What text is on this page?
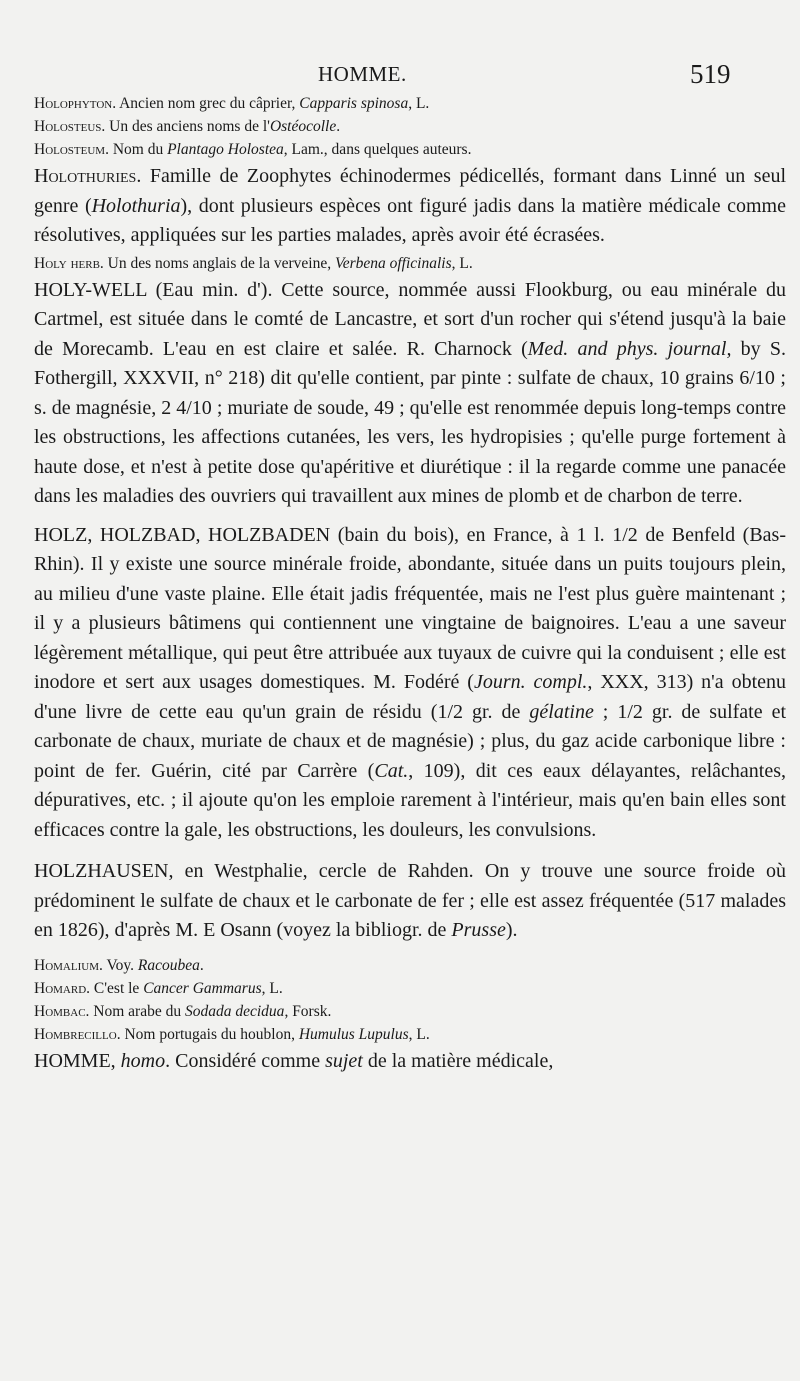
HOMME.	519

Holophyton. Ancien nom grec du câprier, Capparis spinosa, L.

Holosteus. Un des anciens noms de l'Ostéocolle.

Holosteum. Nom du Plantago Holostea, Lam., dans quelques auteurs.

Holothuries. Famille de Zoophytes échinodermes pédicellés, formant dans Linné un seul genre (Holothuria), dont plusieurs espèces ont figuré jadis dans la matière médicale comme résolutives, appliquées sur les parties malades, après avoir été écrasées.

Holy herb. Un des noms anglais de la verveine, Verbena officinalis, L.

HOLY-WELL (Eau min. d'). Cette source, nommée aussi Flookburg, ou eau minérale du Cartmel, est située dans le comté de Lancastre, et sort d'un rocher qui s'étend jusqu'à la baie de Morecamb. L'eau en est claire et salée. R. Charnock (Med. and phys. journal, by S. Fothergill, XXXVII, n° 218) dit qu'elle contient, par pinte : sulfate de chaux, 10 grains 6/10 ; s. de magnésie, 2 4/10 ; muriate de soude, 49 ; qu'elle est renommée depuis long-temps contre les obstructions, les affections cutanées, les vers, les hydropisies ; qu'elle purge fortement à haute dose, et n'est à petite dose qu'apéritive et diurétique : il la regarde comme une panacée dans les maladies des ouvriers qui travaillent aux mines de plomb et de charbon de terre.

HOLZ, HOLZBAD, HOLZBADEN (bain du bois), en France, à 1 l. 1/2 de Benfeld (Bas-Rhin). Il y existe une source minérale froide, abondante, située dans un puits toujours plein, au milieu d'une vaste plaine. Elle était jadis fréquentée, mais ne l'est plus guère maintenant ; il y a plusieurs bâtimens qui contiennent une vingtaine de baignoires. L'eau a une saveur légèrement métallique, qui peut être attribuée aux tuyaux de cuivre qui la conduisent ; elle est inodore et sert aux usages domestiques. M. Fodéré (Journ. compl., XXX, 313) n'a obtenu d'une livre de cette eau qu'un grain de résidu (1/2 gr. de gélatine ; 1/2 gr. de sulfate et carbonate de chaux, muriate de chaux et de magnésie) ; plus, du gaz acide carbonique libre : point de fer. Guérin, cité par Carrère (Cat., 109), dit ces eaux délayantes, relâchantes, dépuratives, etc. ; il ajoute qu'on les emploie rarement à l'intérieur, mais qu'en bain elles sont efficaces contre la gale, les obstructions, les douleurs, les convulsions.

HOLZHAUSEN, en Westphalie, cercle de Rahden. On y trouve une source froide où prédominent le sulfate de chaux et le carbonate de fer ; elle est assez fréquentée (517 malades en 1826), d'après M. E Osann (voyez la bibliogr. de Prusse).

Homalium. Voy. Racoubea.

Homard. C'est le Cancer Gammarus, L.

Hombac. Nom arabe du Sodada decidua, Forsk.

Hombrecillo. Nom portugais du houblon, Humulus Lupulus, L.

HOMME, homo. Considéré comme sujet de la matière médicale,
